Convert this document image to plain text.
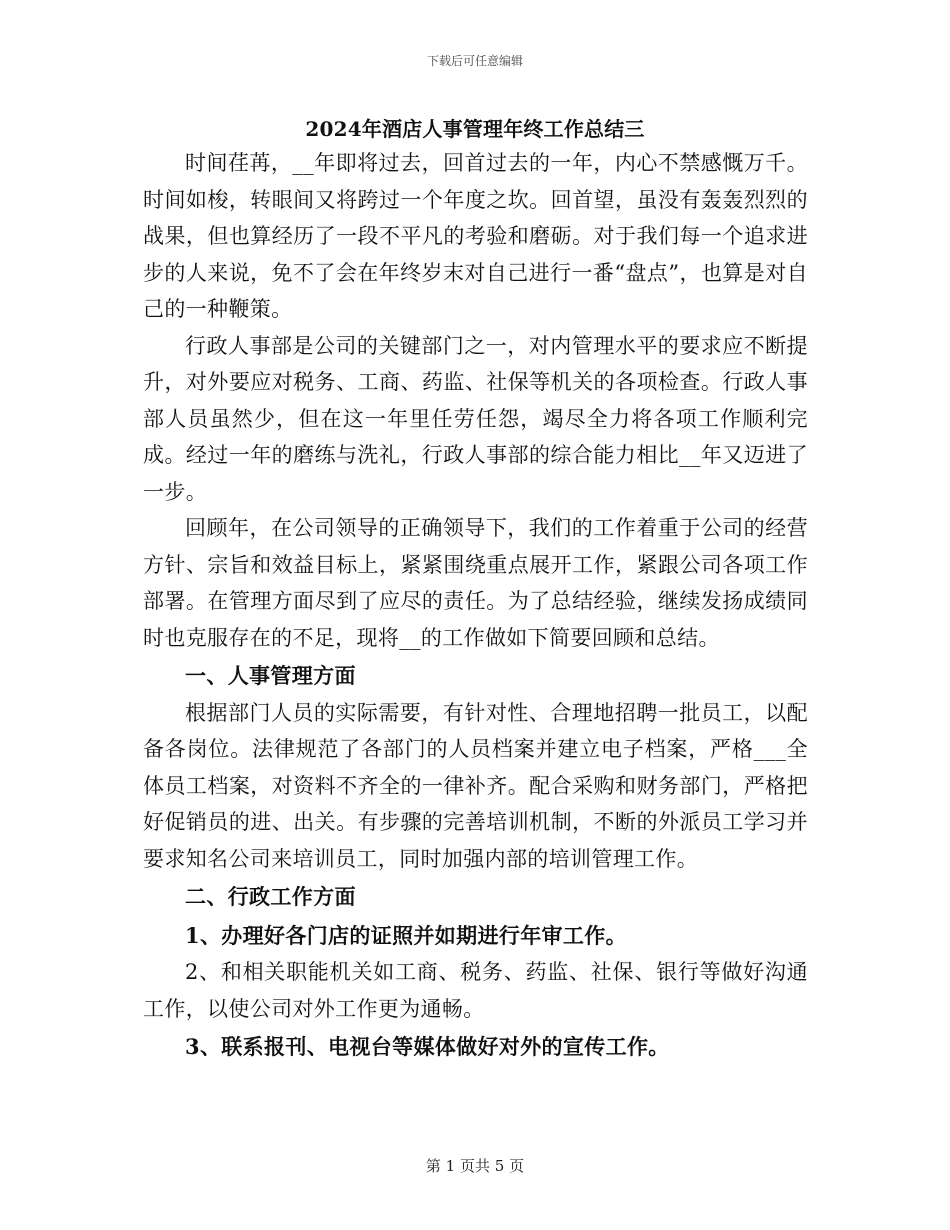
下载后可任意编辑
2024年酒店人事管理年终工作总结三

时间荏苒，__年即将过去，回首过去的一年，内心不禁感慨万千。时间如梭，转眼间又将跨过一个年度之坎。回首望，虽没有轰轰烈烈的战果，但也算经历了一段不平凡的考验和磨砺。对于我们每一个追求进步的人来说，免不了会在年终岁末对自己进行一番“盘点”，也算是对自己的一种鞭策。

行政人事部是公司的关键部门之一，对内管理水平的要求应不断提升，对外要应对税务、工商、药监、社保等机关的各项检查。行政人事部人员虽然少，但在这一年里任劳任怨，竭尽全力将各项工作顺利完成。经过一年的磨练与洗礼，行政人事部的综合能力相比__年又迈进了一步。

回顾年，在公司领导的正确领导下，我们的工作着重于公司的经营方针、宗旨和效益目标上，紧紧围绕重点展开工作，紧跟公司各项工作部署。在管理方面尽到了应尽的责任。为了总结经验，继续发扬成绩同时也克服存在的不足，现将__的工作做如下简要回顾和总结。

一、人事管理方面

根据部门人员的实际需要，有针对性、合理地招聘一批员工，以配备各岗位。法律规范了各部门的人员档案并建立电子档案，严格___全体员工档案，对资料不齐全的一律补齐。配合采购和财务部门，严格把好促销员的进、出关。有步骤的完善培训机制，不断的外派员工学习并要求知名公司来培训员工，同时加强内部的培训管理工作。

二、行政工作方面

1、办理好各门店的证照并如期进行年审工作。

2、和相关职能机关如工商、税务、药监、社保、银行等做好沟通工作，以使公司对外工作更为通畅。

3、联系报刊、电视台等媒体做好对外的宣传工作。

第 1 页共 5 页
